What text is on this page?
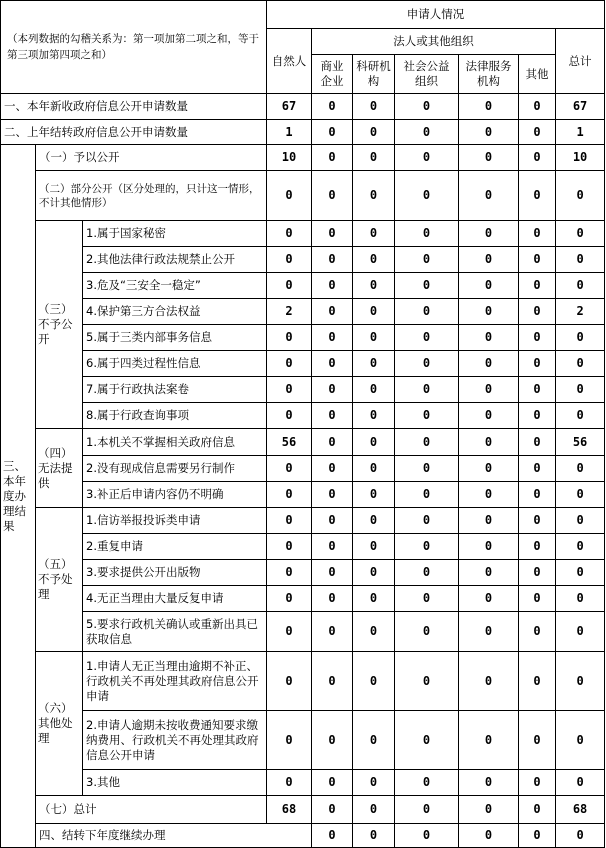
（本列数据的勾稽关系为：第一项加第二项之和，等于第三项加第四项之和）			申请人情况							
			自然人	法人或其他组织					总计	
				商业企业	科研机构	社会公益组织	法律服务机构	其他		
一、本年新收政府信息公开申请数量			67	0	0	0	0	0	67	
二、上年结转政府信息公开申请数量			1	0	0	0	0	0	1	
三、本年度办理结果	（一）予以公开		10	0	0	0	0	0	10	
	（二）部分公开（区分处理的，只计这一情形，不计其他情形）		0	0	0	0	0	0	0	
	（三）不予公开	1.属于国家秘密	0	0	0	0	0	0	0	
		2.其他法律行政法规禁止公开	0	0	0	0	0	0	0	
		3.危及“三安全一稳定”	0	0	0	0	0	0	0	
		4.保护第三方合法权益	2	0	0	0	0	0	2	
		5.属于三类内部事务信息	0	0	0	0	0	0	0	
		6.属于四类过程性信息	0	0	0	0	0	0	0	
		7.属于行政执法案卷	0	0	0	0	0	0	0	
		8.属于行政查询事项	0	0	0	0	0	0	0	
	（四）无法提供	1.本机关不掌握相关政府信息	56	0	0	0	0	0	56	
		2.没有现成信息需要另行制作	0	0	0	0	0	0	0	
		3.补正后申请内容仍不明确	0	0	0	0	0	0	0	
	（五）不予处理	1.信访举报投诉类申请	0	0	0	0	0	0	0	
		2.重复申请	0	0	0	0	0	0	0	
		3.要求提供公开出版物	0	0	0	0	0	0	0	
		4.无正当理由大量反复申请	0	0	0	0	0	0	0	
		5.要求行政机关确认或重新出具已获取信息	0	0	0	0	0	0	0	
	（六）其他处理	1.申请人无正当理由逾期不补正、行政机关不再处理其政府信息公开申请	0	0	0	0	0	0	0	
		2.申请人逾期未按收费通知要求缴纳费用、行政机关不再处理其政府信息公开申请	0	0	0	0	0	0	0	
		3.其他	0	0	0	0	0	0	0	
	（七）总计		68	0	0	0	0	0	68	
	四、结转下年度继续办理			0	0	0	0	0	0	
